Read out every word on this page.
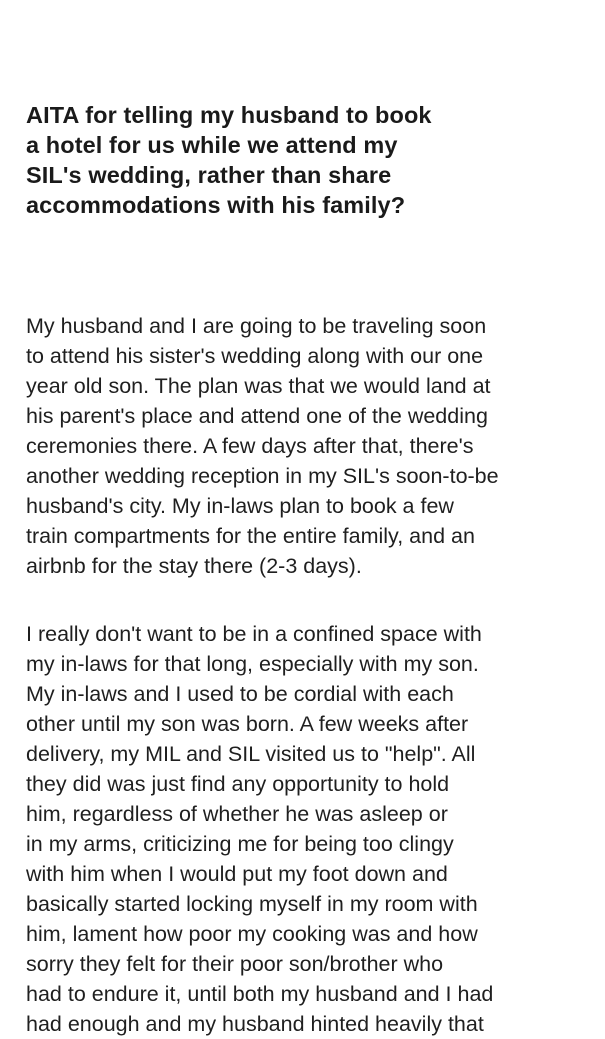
AITA for telling my husband to book
a hotel for us while we attend my
SIL's wedding, rather than share
accommodations with his family?

My husband and I are going to be traveling soon
to attend his sister's wedding along with our one
year old son. The plan was that we would land at
his parent's place and attend one of the wedding
ceremonies there. A few days after that, there's
another wedding reception in my SIL's soon-to-be
husband's city. My in-laws plan to book a few
train compartments for the entire family, and an
airbnb for the stay there (2-3 days).

I really don't want to be in a confined space with
my in-laws for that long, especially with my son.
My in-laws and I used to be cordial with each
other until my son was born. A few weeks after
delivery, my MIL and SIL visited us to "help". All
they did was just find any opportunity to hold
him, regardless of whether he was asleep or
in my arms, criticizing me for being too clingy
with him when I would put my foot down and
basically started locking myself in my room with
him, lament how poor my cooking was and how
sorry they felt for their poor son/brother who
had to endure it, until both my husband and I had
had enough and my husband hinted heavily that
